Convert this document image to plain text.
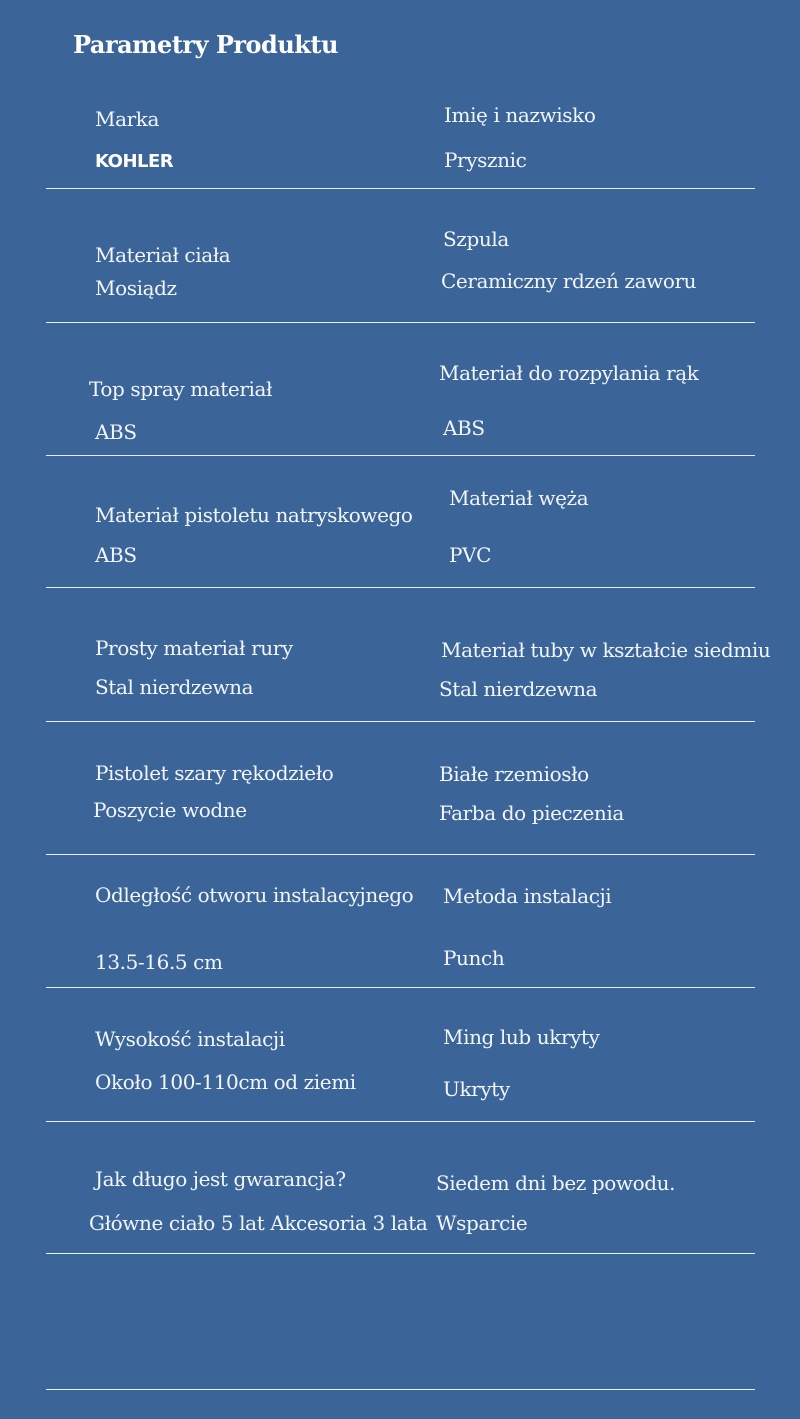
Parametry Produktu
Marka
KOHLER
Imię i nazwisko
Prysznic
Materiał ciała
Mosiądz
Szpula
Ceramiczny rdzeń zaworu
Top spray materiał
ABS
Materiał do rozpylania rąk
ABS
Materiał pistoletu natryskowego
ABS
Materiał węża
PVC
Prosty materiał rury
Stal nierdzewna
Materiał tuby w kształcie siedmiu
Stal nierdzewna
Pistolet szary rękodzieło
Poszycie wodne
Białe rzemiosło
Farba do pieczenia
Odległość otworu instalacyjnego
13.5-16.5 cm
Metoda instalacji
Punch
Wysokość instalacji
Około 100-110cm od ziemi
Ming lub ukryty
Ukryty
Jak długo jest gwarancja?
Główne ciało 5 lat Akcesoria 3 lata
Siedem dni bez powodu.
Wsparcie
